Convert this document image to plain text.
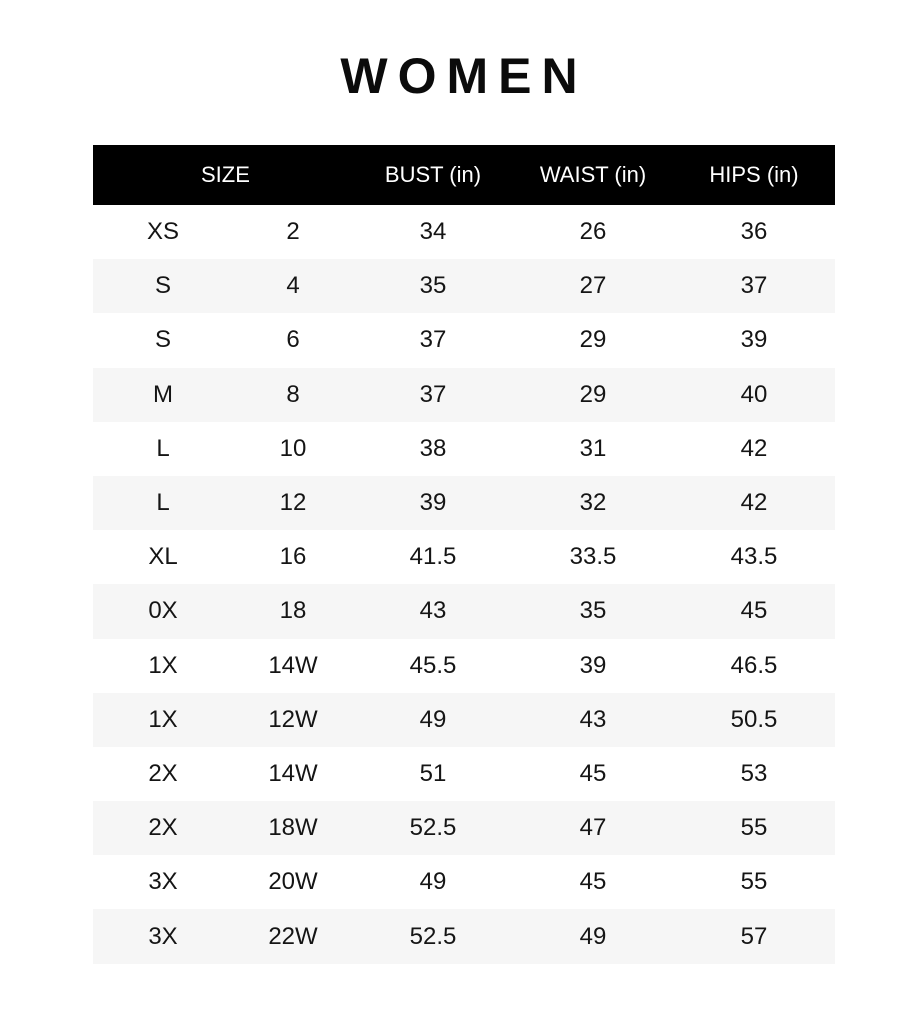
WOMEN
SIZE		BUST (in)	WAIST (in)	HIPS (in)
XS	2	34	26	36
S	4	35	27	37
S	6	37	29	39
M	8	37	29	40
L	10	38	31	42
L	12	39	32	42
XL	16	41.5	33.5	43.5
0X	18	43	35	45
1X	14W	45.5	39	46.5
1X	12W	49	43	50.5
2X	14W	51	45	53
2X	18W	52.5	47	55
3X	20W	49	45	55
3X	22W	52.5	49	57
